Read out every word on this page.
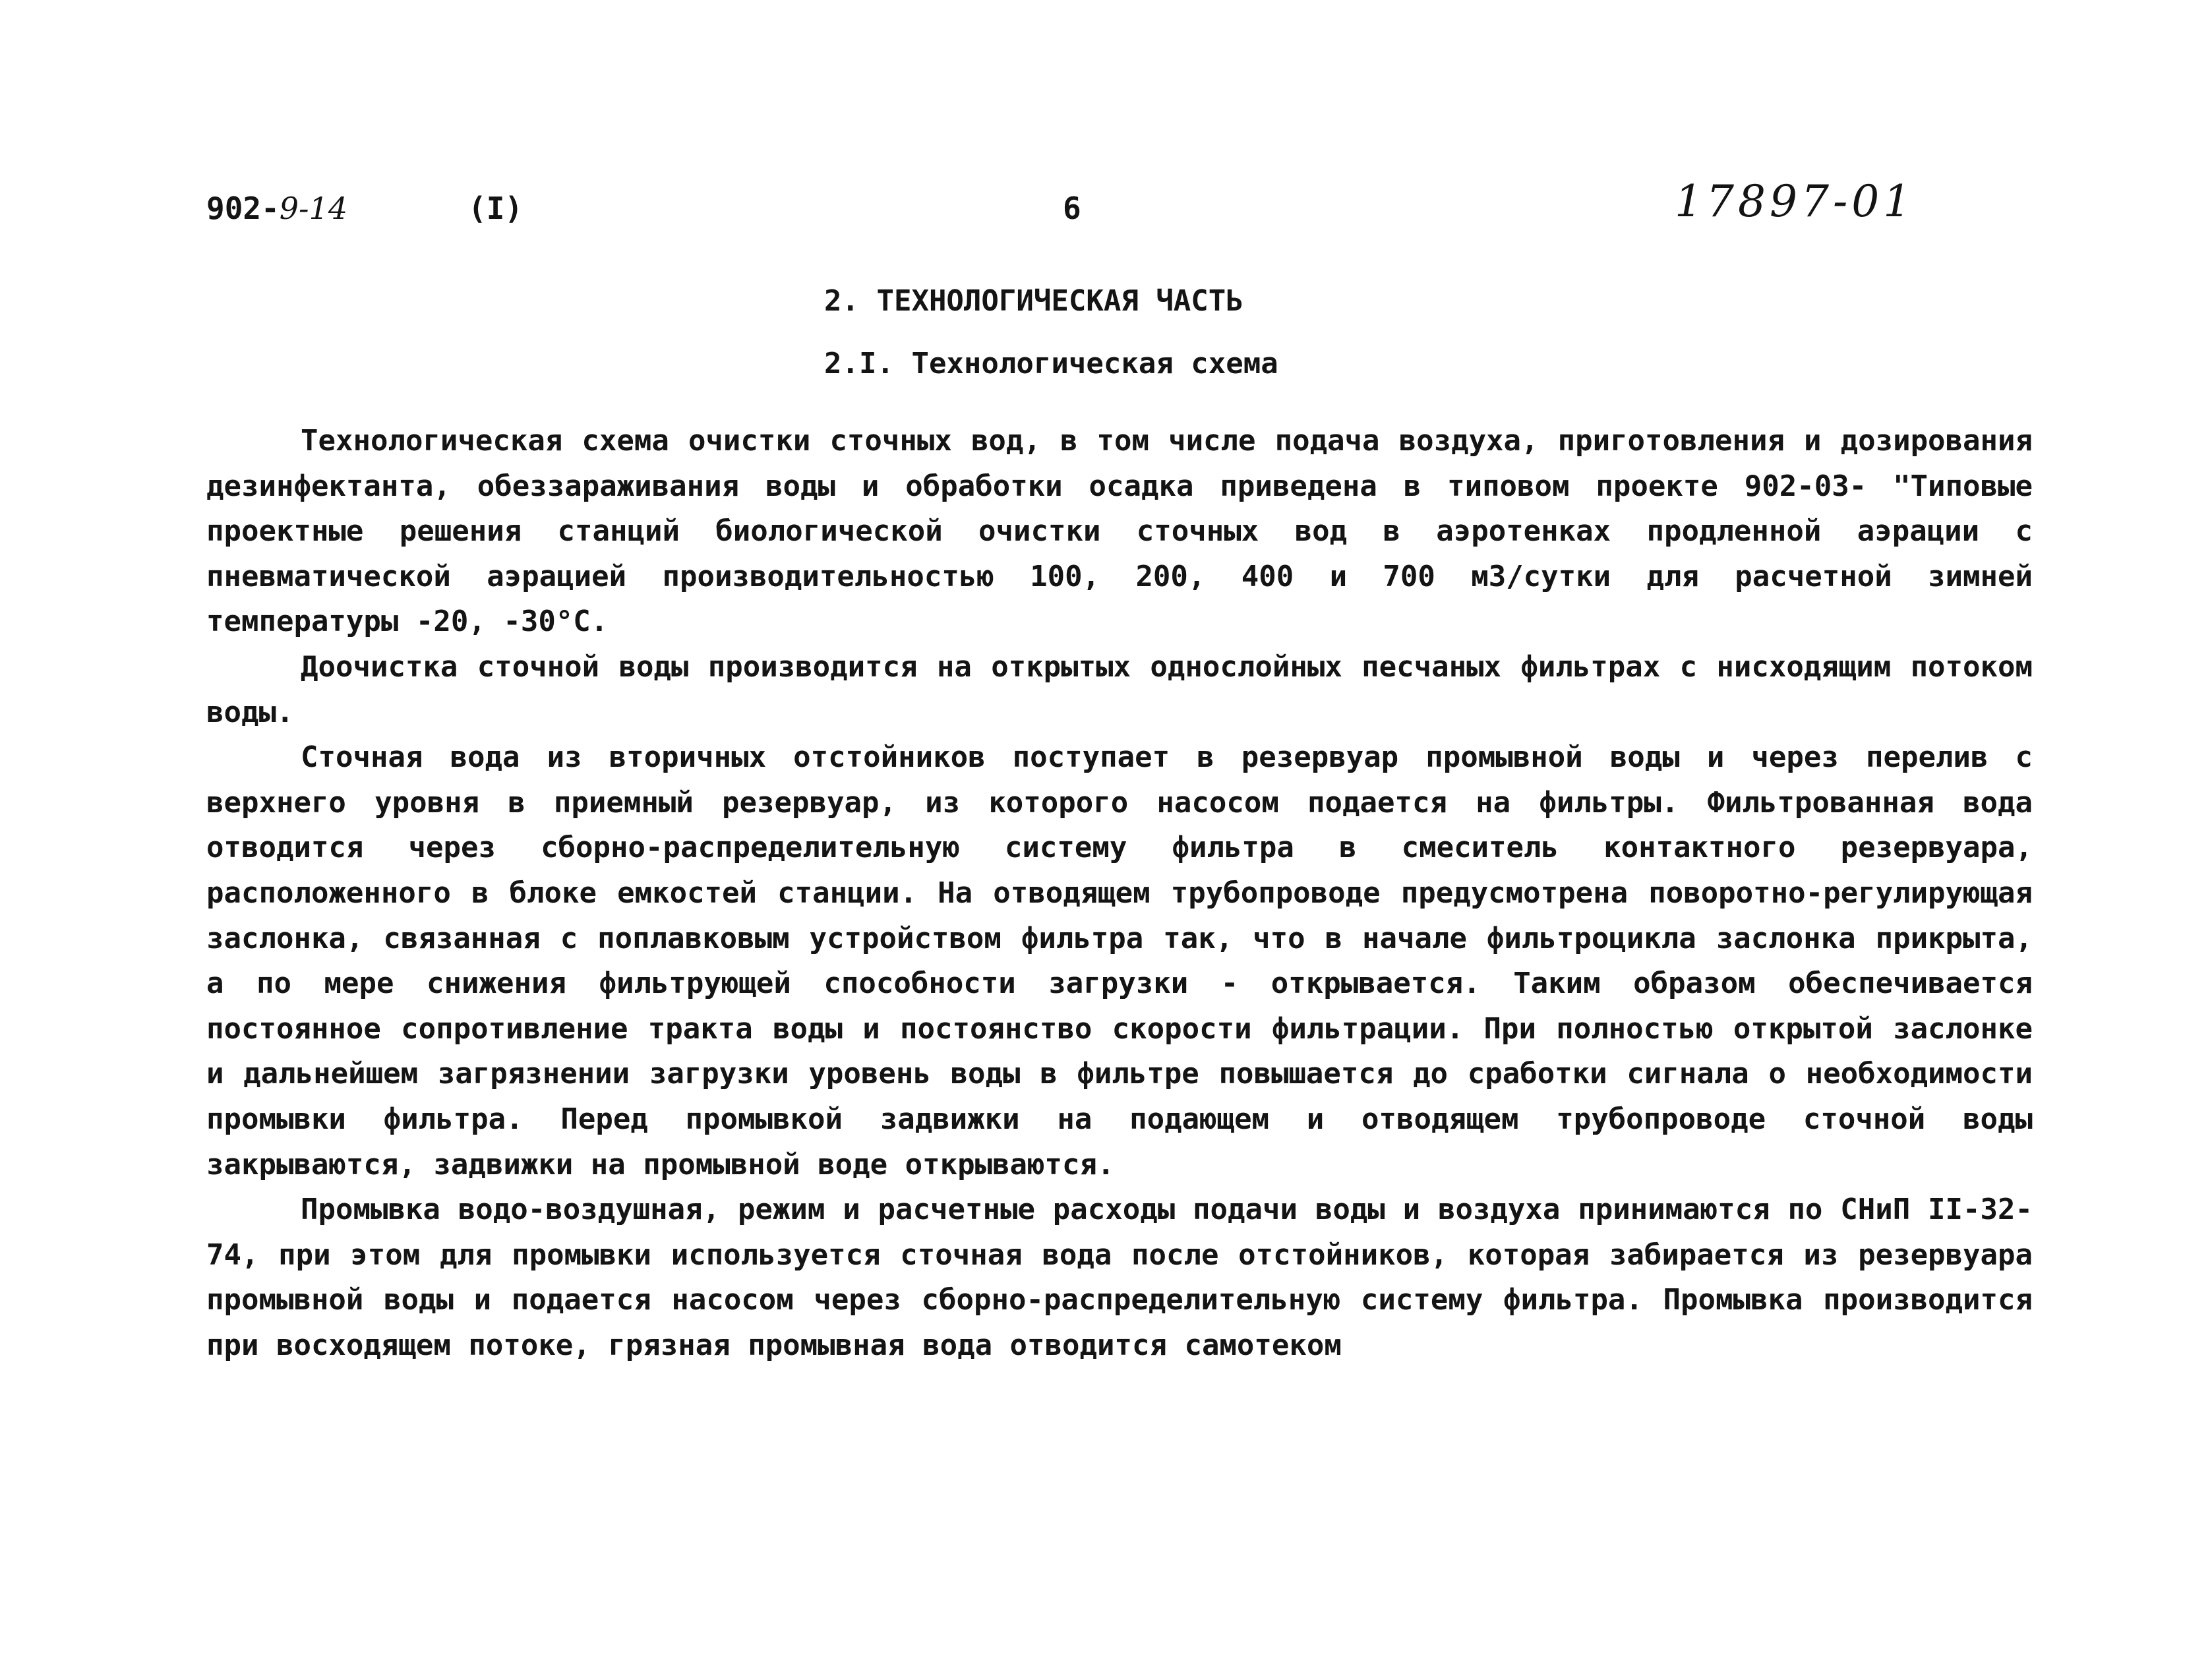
902-9-14	(I)	6	17897-01
2. ТЕХНОЛОГИЧЕСКАЯ ЧАСТЬ
2.I. Технологическая схема

Технологическая схема очистки сточных вод, в том числе подача воздуха, приготовления и дозирования дезинфектанта, обеззараживания воды и обработки осадка приведена в типовом проекте 902-03- "Типовые проектные решения станций биологической очистки сточных вод в аэротенках продленной аэрации с пневматической аэрацией производительностью 100, 200, 400 и 700 м3/сутки для расчетной зимней температуры -20, -30°С.

Доочистка сточной воды производится на открытых однослойных песчаных фильтрах с нисходящим потоком воды.

Сточная вода из вторичных отстойников поступает в резервуар промывной воды и через перелив с верхнего уровня в приемный резервуар, из которого насосом подается на фильтры. Фильтрованная вода отводится через сборно-распределительную систему фильтра в смеситель контактного резервуара, расположенного в блоке емкостей станции. На отводящем трубопроводе предусмотрена поворотно-регулирующая заслонка, связанная с поплавковым устройством фильтра так, что в начале фильтроцикла заслонка прикрыта, а по мере снижения фильтрующей способности загрузки - открывается. Таким образом обеспечивается постоянное сопротивление тракта воды и постоянство скорости фильтрации. При полностью открытой заслонке и дальнейшем загрязнении загрузки уровень воды в фильтре повышается до сработки сигнала о необходимости промывки фильтра. Перед промывкой задвижки на подающем и отводящем трубопроводе сточной воды закрываются, задвижки на промывной воде открываются.

Промывка водо-воздушная, режим и расчетные расходы подачи воды и воздуха принимаются по СНиП II-32-74, при этом для промывки используется сточная вода после отстойников, которая забирается из резервуара промывной воды и подается насосом через сборно-распределительную систему фильтра. Промывка производится при восходящем потоке, грязная промывная вода отводится самотеком
